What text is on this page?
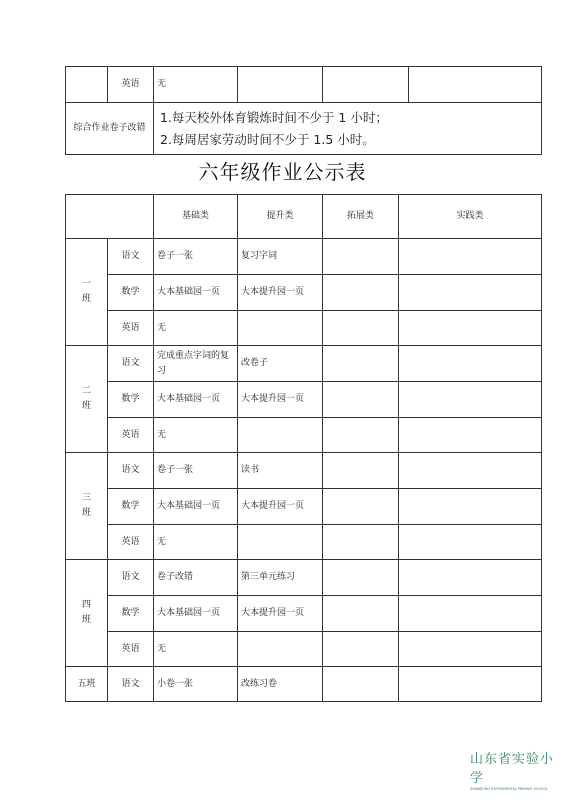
	英语	无			
综合作业卷子改错		1.每天校外体育锻炼时间不少于 1 小时；
2.每周居家劳动时间不少于 1.5 小时。			
六年级作业公示表
		基础类	提升类	拓展类	实践类

一
班	语文	卷子一张	复习字词		
	数学	大本基础园一页	大本提升园一页		
	英语	无			

二
班	语文	完成重点字词的复习	改卷子		
	数学	大本基础园一页	大本提升园一页		
	英语	无			

三
班	语文	卷子一张	读书		
	数学	大本基础园一页	大本提升园一页		
	英语	无			

四
班	语文	卷子改错	第三单元练习		
	数学	大本基础园一页	大本提升园一页		
	英语	无			
五班	语文	小卷一张	改练习卷		
山东省实验小学
SHANDONG EXPERIMENTAL PRIMARY SCHOOL
